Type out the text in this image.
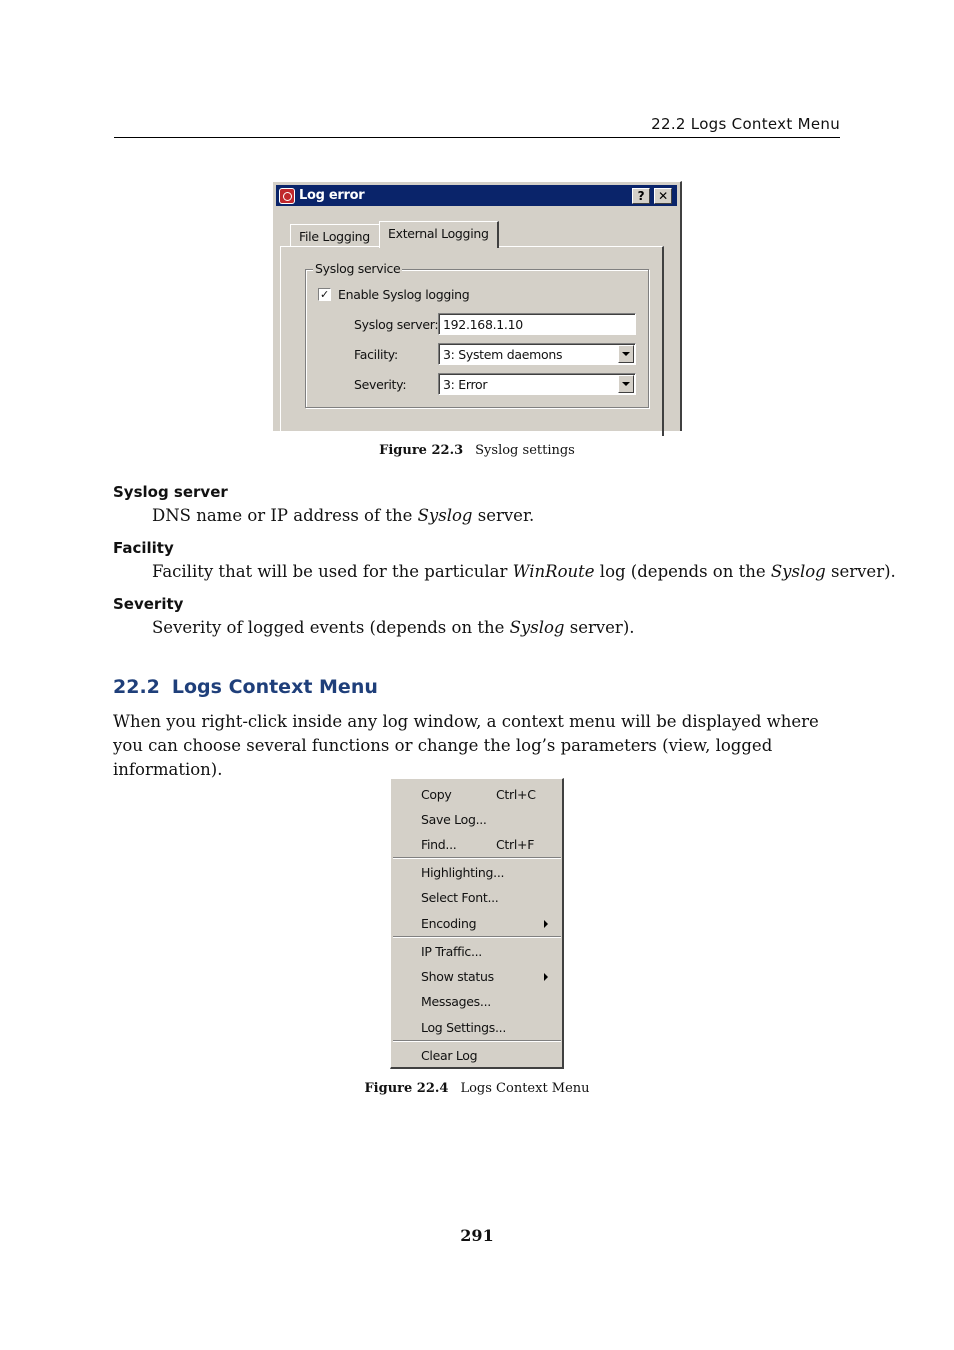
22.2 Logs Context Menu
Log error	?	✕
File Logging	External Logging
Syslog service
✓ Enable Syslog logging
Syslog server: 192.168.1.10
Facility:	3: System daemons
Severity:	3: Error
Figure 22.3 Syslog settings
Syslog server
DNS name or IP address of the Syslog server.
Facility
Facility that will be used for the particular WinRoute log (depends on the Syslog server).
Severity
Severity of logged events (depends on the Syslog server).
22.2 Logs Context Menu
When you right-click inside any log window, a context menu will be displayed where you can choose several functions or change the log’s parameters (view, logged information).
Copy	Ctrl+C
Save Log...
Find...	Ctrl+F
Highlighting...
Select Font...
Encoding
IP Traffic...
Show status
Messages...
Log Settings...
Clear Log
Figure 22.4 Logs Context Menu
291
